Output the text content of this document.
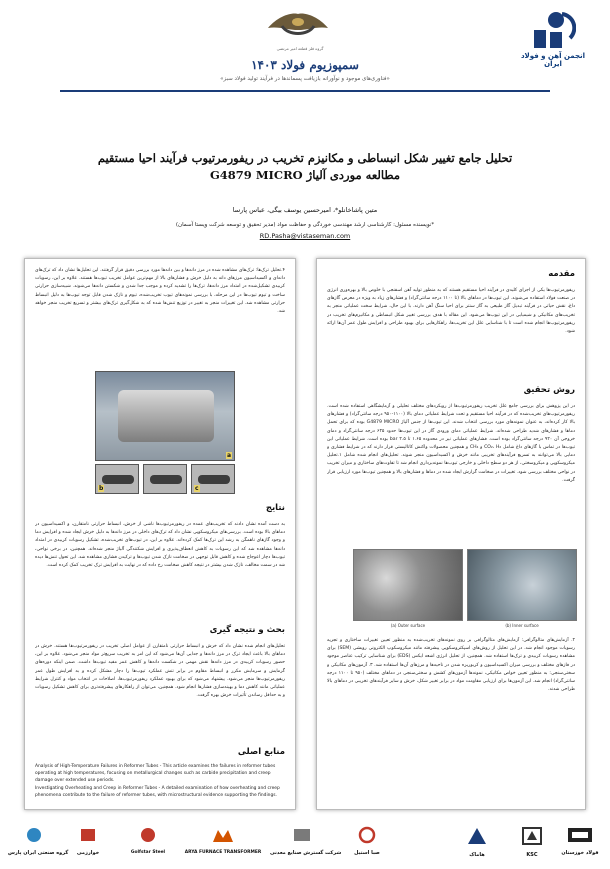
انجمن آهن و فولاد ایران
گروه فلز قطعه امیر مرتضی
سمپوزیوم فولاد ۱۴۰۳
«فناوری‌های موجود و نوآورانه بازیافت پسماندها در فرآیند تولید فولاد سبز»
تحلیل جامع تغییر شکل انبساطی و مکانیزم تخریب در ریفورمرتیوب فرآیند احیا مستقیم
مطالعه موردی آلیاژ G4879 MICRO
متین پاشاخانلو*، امیرحسین یوسف بیگی، عباس پارسا
*نویسنده مسئول: کارشناسی ارشد مهندسی خوردگی و حفاظت مواد (مدیر تحقیق و توسعه شرکت ویستا آسمان)
RD.Pasha@vistaseman.com
مقدمه
ریفورمرتیوب‌ها یکی از اجزای کلیدی در فرآیند احیا مستقیم هستند که به منظور تولید آهن اسفنجی با خلوص بالا و بهره‌وری انرژی در صنعت فولاد استفاده می‌شوند. این تیوب‌ها در دماهای بالا (تا ۱۱۰۰ درجه سانتی‌گراد) و فشارهای زیاد به ویژه در معرض گازهای داغ، نقش حیاتی در فرآیند تبدیل گاز طبیعی به گاز سنتز برای احیا سنگ آهن دارند. با این حال، شرایط سخت عملیاتی منجر به تخریب‌های مکانیکی و شیمیایی در این تیوب‌ها می‌شود. این مقاله با هدف بررسی تغییر شکل انبساطی و مکانیزم‌های تخریب در ریفورمرتیوب‌ها انجام شده است تا با شناسایی علل این تخریب‌ها، راهکارهایی برای بهبود طراحی و افزایش طول عمر آن‌ها ارائه شود.
روش تحقیق
در این پژوهش برای بررسی جامع علل تخریب ریفورمرتیوب‌ها از رویکردهای مختلف تحلیلی و آزمایشگاهی استفاده شده است. ریفورمرتیوب‌های تخریب‌شده که در فرآیند احیا مستقیم و تحت شرایط عملیاتی دمای بالا (۱۱۰۰-۹۵۰ درجه سانتی‌گراد) و فشارهای بالا کار کرده‌اند، به عنوان نمونه‌های مورد بررسی انتخاب شدند. این تیوب‌ها از جنس آلیاژ G4879 MICRO بوده که برای تحمل دماها و فشارهای شدید طراحی شده‌اند. شرایط عملیاتی دمای ورودی گاز در این تیوب‌ها حدود ۶۲۵ درجه سانتی‌گراد و دمای خروجی آن ۹۲۰ درجه سانتی‌گراد بوده است. فشارهای عملیاتی نیز در محدوده ۱.۶۵ تا ۲.۵ bar بوده است. شرایط عملیاتی این تیوب‌ها در تماس با گازهای داغ شامل CO₂، H₂ و CH₄ و همچنین محصولات واکنش کاتالیستی قرار دارند که در شرایط فشاری و دمایی بالا می‌توانند به تسریع فرآیندهای تخریبی مانند خزش و اکسیداسیون منجر شوند. تحلیل‌های انجام شده شامل ۱.تحلیل میکروسکوپی و میکروسختی، از هر دو سطح داخلی و خارجی تیوب‌ها نمونه‌برداری انجام شد تا تفاوت‌های ساختاری و میزان تخریب در نواحی مختلف بررسی شود. تغییرات در ضخامت گزارش ایجاد شده در دماها و فشارهای بالا و همچنین تیوب‌ها مورد ارزیابی قرار گرفت.
(a) Outer surface	(b) Inner surface
۲. آزمایش‌های متالوگرافی: آزمایش‌های متالوگرافی بر روی نمونه‌های تخریب‌شده به منظور تعیین تغییرات ساختاری و تجزیه رسوبات موجود انجام شد. در این تحلیل از روش‌های اسپکتروسکوپی پیشرفته مانند میکروسکوپ الکترونی روبشی (SEM) برای مشاهده رسوبات کربیدی و ترک‌ها استفاده شد. همچنین، از تحلیل انرژی اشعه ایکس (EDS) برای شناسایی ترکیب عناصر موجود در فازهای مختلف و بررسی میزان اکسیداسیون و کربوریزه شدن در ناحیه‌ها و مرزهای آن‌ها استفاده شد. ۳. آزمون‌های مکانیکی و سختی‌سنجی: به منظور تعیین خواص مکانیکی، نمونه‌ها آزمون‌های کشش و سختی‌سنجی در دماهای مختلف (۹۵۰ تا ۱۱۰۰ درجه سانتی‌گراد) انجام شد. این آزمون‌ها برای ارزیابی مقاومت مواد در برابر تغییر شکل، خزش و سایر فرآیندهای تخریبی در دماهای بالا طراحی شدند.
۴.تحلیل ترک‌ها: ترک‌های مشاهده شده در مرز دانه‌ها و بین دانه‌ها مورد بررسی دقیق قرار گرفتند. این تحلیل‌ها نشان داد که ترک‌های دانه‌ای و اکسیداسیون مرزهای دانه به دلیل خزش و فشارهای بالا از مهم‌ترین عوامل تخریب تیوب‌ها هستند. علاوه بر این، رسوبات کربیدی تشکیل‌شده در امتداد مرز دانه‌ها، ترک‌ها را تشدید کرده و موجب جدا شدن و شکستن دانه‌ها می‌شوند. شبیه‌سازی حرارتی ساخت و تیوم تیوب‌ها در این مرحله، با بررسی نمونه‌های تیوب تخریب‌شده، تیوم و نازک شدن قابل توجه تیوب‌ها به دلیل انبساط حرارتی مشاهده شد. این تغییرات منجر به تغییر در توزیع تنش‌ها شده که به شکل‌گیری ترک‌های بیشتر و تسریع تخریب منجر خواهد شد.
a
b	c
نتایج
به دست آمده نشان دادند که تخریب‌های عمده در ریفورمرتیوب‌ها ناشی از خزش، انبساط حرارتی نامتقارن، و اکسیداسیون در دماهای بالا بوده است. بررسی‌های میکروسکوپی نشان داد که ترک‌های داخلی در مرز دانه‌ها به دلیل خزش ایجاد شده و افزایش دما و وجود گازهای ناهمگن به رشد این ترک‌ها کمک کرده‌اند. علاوه بر این، در تیوب‌های تخریب‌شده، تشکیل رسوبات کربیدی در امتداد دانه‌ها مشاهده شد که این رسوبات به کاهش انعطاف‌پذیری و افزایش شکنندگی آلیاژ منجر شده‌اند. همچنین، در برخی نواحی، تیوب‌ها دچار اعوجاج شده و کاهش قابل توجهی در ضخامت نازک شدن تیوب‌ها و ترکیدن فشاری مشاهده شد. این تحول تنش‌ها دیده شد در سمت مخالف، نازک شدن بیشتر در نتیجه کاهش ضخامت رخ داده که در نهایت به افزایش ترک تخریب کمک کرده است.
بحث و نتیجه گیری
تحلیل‌های انجام شده نشان داد که خزش و انبساط حرارتی نامتقارن از عوامل اصلی تخریب در ریفورمرتیوب‌ها هستند. خزش در دماهای بالا باعث ایجاد ترک در مرز دانه‌ها و جدایی آن‌ها می‌شود که این امر به تخریب سریع‌تر مواد منجر می‌شود. علاوه بر این، حضور رسوبات کربیدی در مرز دانه‌ها نقش مهمی در شکست دانه‌ها و کاهش عمر مفید تیوب‌ها داشت. ضمن اینکه دوره‌های گرمایش و سرمایش مکرر و انبساط مقاوم در برابر تنش عملکرد تیوب‌ها را دچار مشکل کرده و به افزایش طول عمر ریفورمرتیوب‌ها منجر می‌شود. پیشنهاد می‌شود که برای بهبود عملکرد ریفورمرتیوب‌ها، اصلاحات در انتخاب مواد و کنترل شرایط عملیاتی مانند کاهش دما و بهینه‌سازی فشارها انجام شود. همچنین، می‌توان از راهکارهای پیشرفته‌تری برای کاهش تشکیل رسوبات و به حداقل رساندن تأثیرات خزش بهره گرفت.
منابع اصلی
Analysis of High-Temperature Failures in Reformer Tubes - This article examines the failures in reformer tubes operating at high temperatures, focusing on metallurgical changes such as carbide precipitation and creep damage over extended use periods.
Investigating Overheating and Creep in Reformer Tubes - A detailed examination of how overheating and creep phenomena contribute to the failure of reformer tubes, with microstructural evidence supporting the findings.
فولاد خوزستان
KSC
هاماک
صبا استیل
شرکت گسترش صنایع معدنی
ARYA FURNACE TRANSFORMER
Golfstar Steel
خوارزمی
گروه صنعتی ایران پارس
